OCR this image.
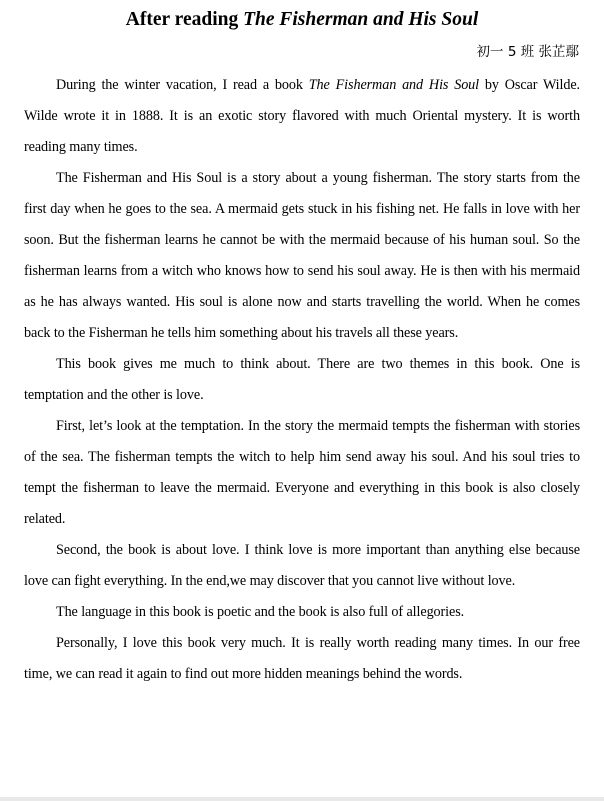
After reading The Fisherman and His Soul
初一 5 班 张芷鄢

During the winter vacation, I read a book The Fisherman and His Soul by Oscar Wilde. Wilde wrote it in 1888. It is an exotic story flavored with much Oriental mystery. It is worth reading many times.

The Fisherman and His Soul is a story about a young fisherman. The story starts from the first day when he goes to the sea. A mermaid gets stuck in his fishing net. He falls in love with her soon. But the fisherman learns he cannot be with the mermaid because of his human soul. So the fisherman learns from a witch who knows how to send his soul away. He is then with his mermaid as he has always wanted. His soul is alone now and starts travelling the world. When he comes back to the Fisherman he tells him something about his travels all these years.

This book gives me much to think about. There are two themes in this book. One is temptation and the other is love.

First, let’s look at the temptation. In the story the mermaid tempts the fisherman with stories of the sea. The fisherman tempts the witch to help him send away his soul. And his soul tries to tempt the fisherman to leave the mermaid. Everyone and everything in this book is also closely related.

Second, the book is about love. I think love is more important than anything else because love can fight everything. In the end,we may discover that you cannot live without love.

The language in this book is poetic and the book is also full of allegories.

Personally, I love this book very much. It is really worth reading many times. In our free time, we can read it again to find out more hidden meanings behind the words.
